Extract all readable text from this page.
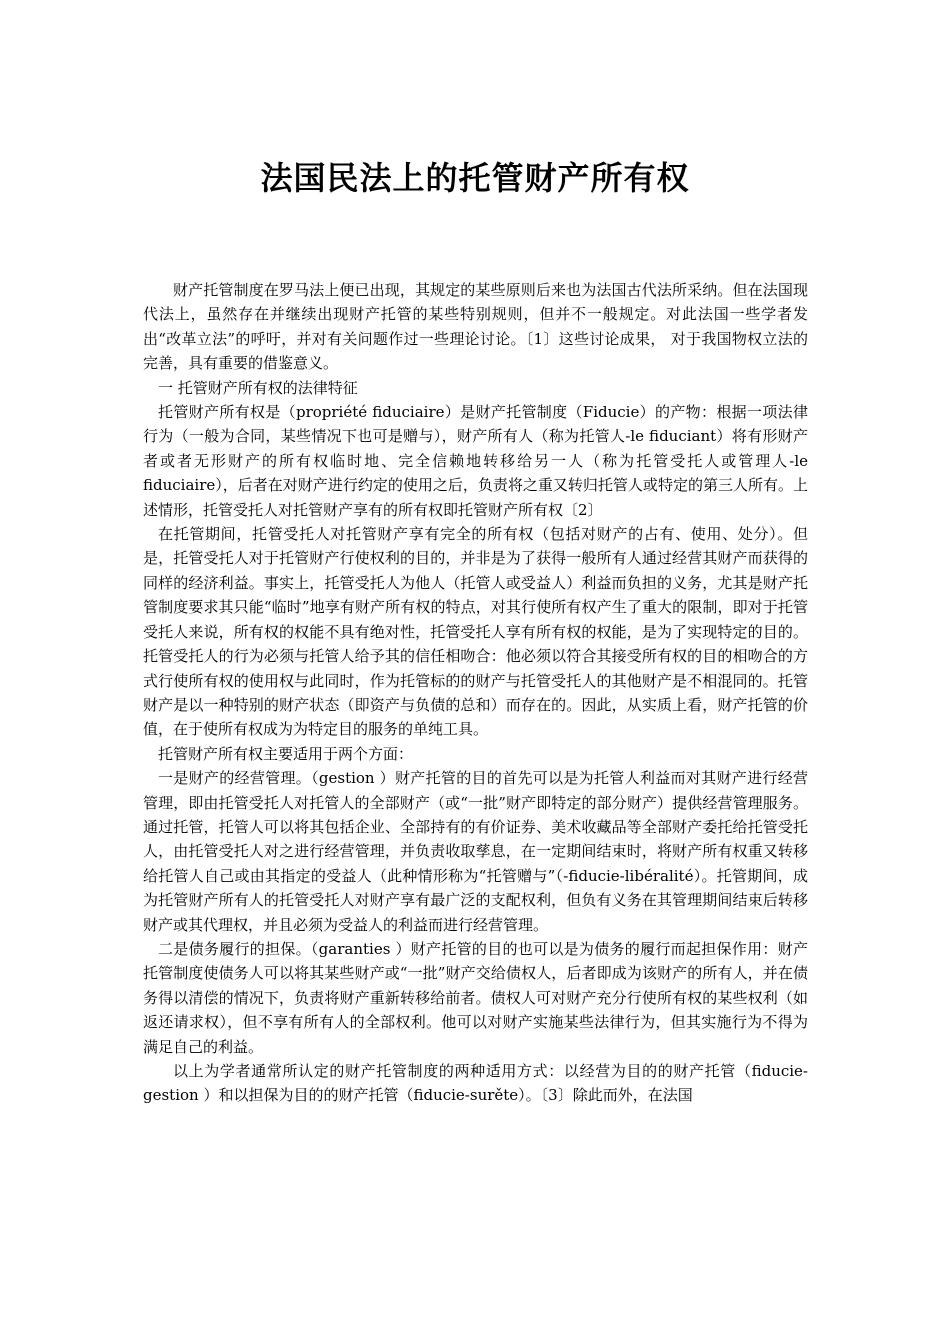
法国民法上的托管财产所有权

财产托管制度在罗马法上便已出现，其规定的某些原则后来也为法国古代法所采纳。但在法国现代法上，虽然存在并继续出现财产托管的某些特别规则，但并不一般规定。对此法国一些学者发出“改革立法”的呼吁，并对有关问题作过一些理论讨论。〔1〕这些讨论成果， 对于我国物权立法的完善，具有重要的借鉴意义。

一 托管财产所有权的法律特征

托管财产所有权是（propriété fiduciaire）是财产托管制度（Fiducie）的产物：根据一项法律行为（一般为合同，某些情况下也可是赠与），财产所有人（称为托管人-le fiduciant）将有形财产者或者无形财产的所有权临时地、完全信赖地转移给另一人（称为托管受托人或管理人-le fiduciaire），后者在对财产进行约定的使用之后，负责将之重又转归托管人或特定的第三人所有。上述情形，托管受托人对托管财产享有的所有权即托管财产所有权〔2〕

在托管期间，托管受托人对托管财产享有完全的所有权（包括对财产的占有、使用、处分）。但是，托管受托人对于托管财产行使权利的目的，并非是为了获得一般所有人通过经营其财产而获得的同样的经济利益。事实上，托管受托人为他人（托管人或受益人）利益而负担的义务，尤其是财产托管制度要求其只能“临时”地享有财产所有权的特点，对其行使所有权产生了重大的限制，即对于托管受托人来说，所有权的权能不具有绝对性，托管受托人享有所有权的权能，是为了实现特定的目的。托管受托人的行为必须与托管人给予其的信任相吻合：他必须以符合其接受所有权的目的相吻合的方式行使所有权的使用权与此同时，作为托管标的的财产与托管受托人的其他财产是不相混同的。托管财产是以一种特别的财产状态（即资产与负债的总和）而存在的。因此，从实质上看，财产托管的价值，在于使所有权成为为特定目的服务的单纯工具。

托管财产所有权主要适用于两个方面：

一是财产的经营管理。（gestion ）财产托管的目的首先可以是为托管人利益而对其财产进行经营管理，即由托管受托人对托管人的全部财产（或“一批”财产即特定的部分财产）提供经营管理服务。通过托管，托管人可以将其包括企业、全部持有的有价证券、美术收藏品等全部财产委托给托管受托人，由托管受托人对之进行经营管理，并负责收取孳息，在一定期间结束时，将财产所有权重又转移给托管人自己或由其指定的受益人（此种情形称为“托管赠与”（-fiducie-libéralité）。托管期间，成为托管财产所有人的托管受托人对财产享有最广泛的支配权利，但负有义务在其管理期间结束后转移财产或其代理权，并且必须为受益人的利益而进行经营管理。

二是债务履行的担保。（garanties ）财产托管的目的也可以是为债务的履行而起担保作用：财产托管制度使债务人可以将其某些财产或“一批”财产交给债权人，后者即成为该财产的所有人，并在债务得以清偿的情况下，负责将财产重新转移给前者。债权人可对财产充分行使所有权的某些权利（如返还请求权），但不享有所有人的全部权利。他可以对财产实施某些法律行为，但其实施行为不得为满足自己的利益。

以上为学者通常所认定的财产托管制度的两种适用方式：以经营为目的的财产托管（fiducie-gestion ）和以担保为目的的财产托管（fiducie-surěte）。〔3〕除此而外，在法国
